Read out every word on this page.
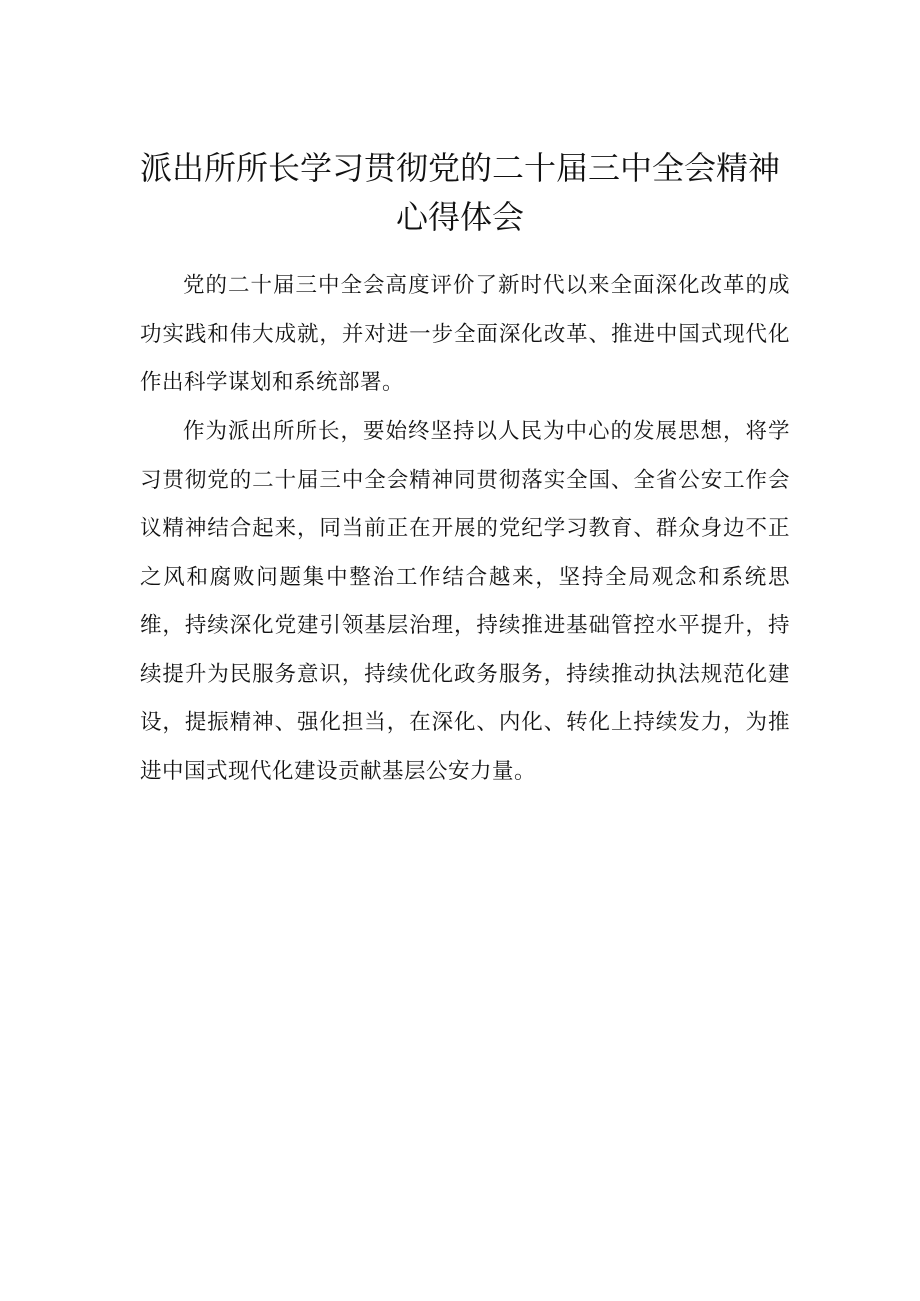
派出所所长学习贯彻党的二十届三中全会精神
心得体会

党的二十届三中全会高度评价了新时代以来全面深化改革的成功实践和伟大成就，并对进一步全面深化改革、推进中国式现代化作出科学谋划和系统部署。

作为派出所所长，要始终坚持以人民为中心的发展思想，将学习贯彻党的二十届三中全会精神同贯彻落实全国、全省公安工作会议精神结合起来，同当前正在开展的党纪学习教育、群众身边不正之风和腐败问题集中整治工作结合越来，坚持全局观念和系统思维，持续深化党建引领基层治理，持续推进基础管控水平提升，持续提升为民服务意识，持续优化政务服务，持续推动执法规范化建设，提振精神、强化担当，在深化、内化、转化上持续发力，为推进中国式现代化建设贡献基层公安力量。
